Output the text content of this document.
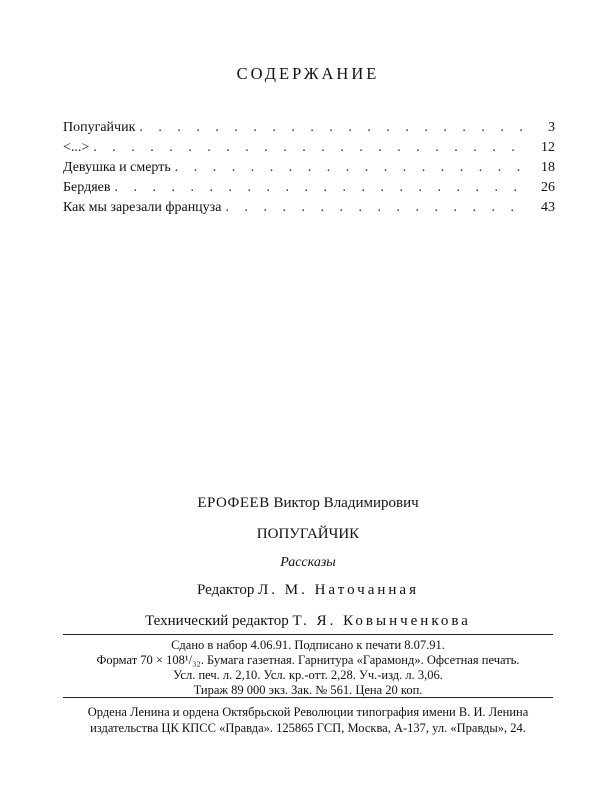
СОДЕРЖАНИЕ
Попугайчик . . .	3
<...> . . .	12
Девушка и смерть . . .	18
Бердяев . . .	26
Как мы зарезали француза . . .	43
ЕРОФЕЕВ Виктор Владимирович
ПОПУГАЙЧИК
Рассказы
Редактор Л. М. Наточанная
Технический редактор Т. Я. Ковынченкова
Сдано в набор 4.06.91. Подписано к печати 8.07.91.
Формат 70 × 108¹/₃₂. Бумага газетная. Гарнитура «Гарамонд». Офсетная печать.
Усл. печ. л. 2,10. Усл. кр.-отт. 2,28. Уч.-изд. л. 3,06.
Тираж 89 000 экз. Зак. № 561. Цена 20 коп.
Ордена Ленина и ордена Октябрьской Революции типография имени В. И. Ленина
издательства ЦК КПСС «Правда». 125865 ГСП, Москва, А-137, ул. «Правды», 24.
